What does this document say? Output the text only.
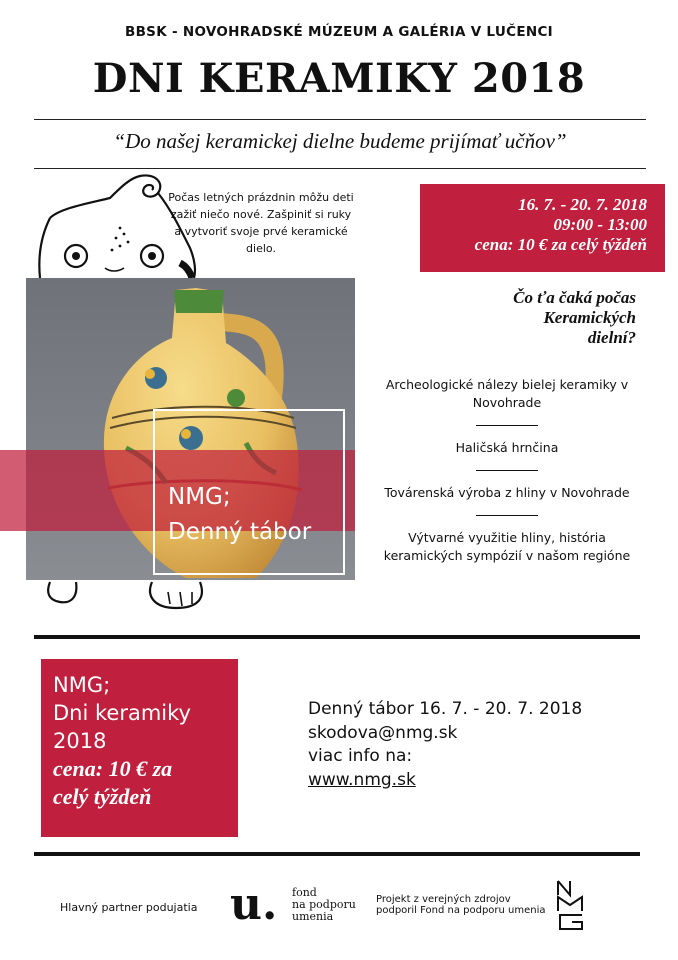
BBSK - NOVOHRADSKÉ MÚZEUM A GALÉRIA V LUČENCI
DNI KERAMIKY 2018
“Do našej keramickej dielne budeme prijímať učňov”
Počas letných prázdnin môžu deti zažiť niečo nové. Zašpiniť si ruky a vytvoriť svoje prvé keramické dielo.
16. 7. - 20. 7. 2018
09:00 - 13:00
cena: 10 € za celý týždeň
Čo ťa čaká počas
Keramických
dielní?

Archeologické nálezy bielej keramiky v Novohrade

Haličská hrnčina

Továrenská výroba z hliny v Novohrade

Výtvarné využitie hliny, história keramických sympózií v našom regióne

NMG;
Denný tábor
NMG;
Dni keramiky
2018
cena: 10 € za
celý týždeň
Denný tábor 16. 7. - 20. 7. 2018
skodova@nmg.sk
viac info na:
www.nmg.sk
Hlavný partner podujatia u. fond
na podporu
umenia
Projekt z verejných zdrojov podporil Fond na podporu umenia
